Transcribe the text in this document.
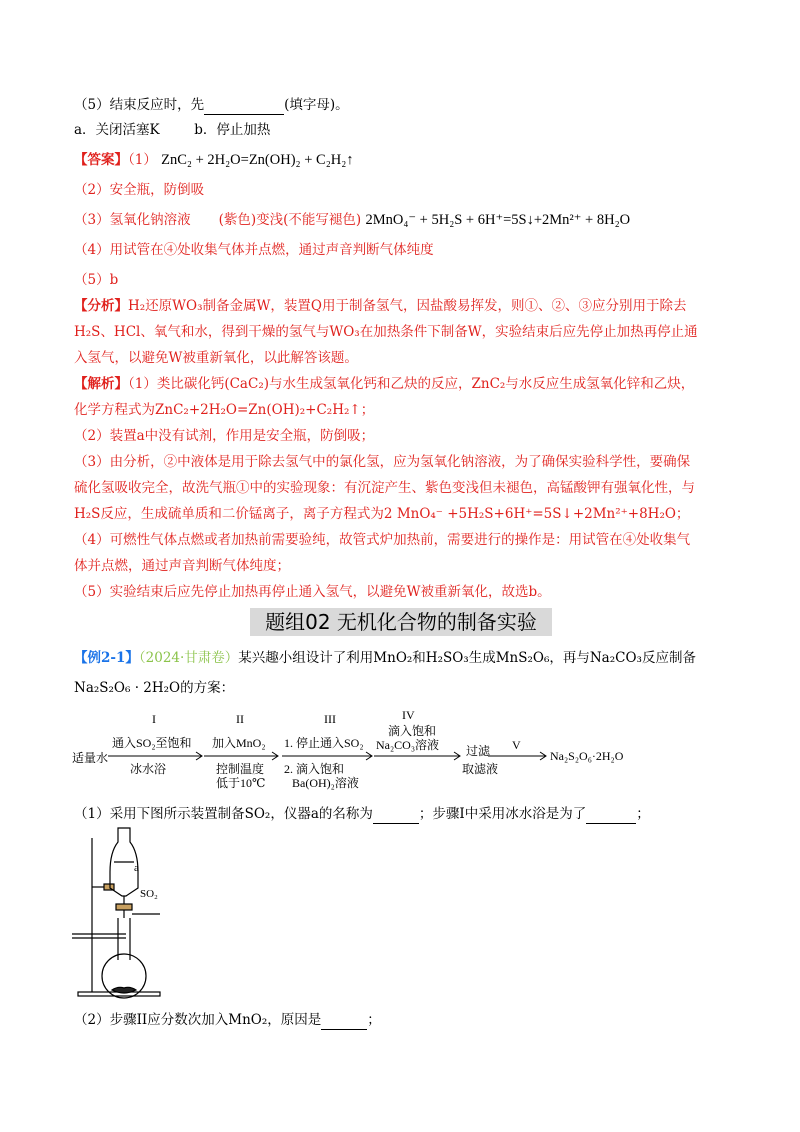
（5）结束反应时，先	(填字母)。
a．关闭活塞K	b．停止加热
【答案】（1） ZnC₂ + 2H₂O=Zn(OH)₂ + C₂H₂↑
（2）安全瓶，防倒吸
（3）氢氧化钠溶液 (紫色)变浅(不能写褪色) 2MnO₄⁻ + 5H₂S + 6H⁺=5S↓+2Mn²⁺ + 8H₂O
（4）用试管在④处收集气体并点燃，通过声音判断气体纯度
（5）b
【分析】H₂还原WO₃制备金属W，装置Q用于制备氢气，因盐酸易挥发，则①、②、③应分别用于除去
H₂S、HCl、氧气和水，得到干燥的氢气与WO₃在加热条件下制备W，实验结束后应先停止加热再停止通
入氢气，以避免W被重新氧化，以此解答该题。
【解析】（1）类比碳化钙(CaC₂)与水生成氢氧化钙和乙炔的反应，ZnC₂与水反应生成氢氧化锌和乙炔，
化学方程式为ZnC₂+2H₂O=Zn(OH)₂+C₂H₂↑；
（2）装置a中没有试剂，作用是安全瓶，防倒吸；
（3）由分析，②中液体是用于除去氢气中的氯化氢，应为氢氧化钠溶液，为了确保实验科学性，要确保
硫化氢吸收完全，故洗气瓶①中的实验现象：有沉淀产生、紫色变浅但未褪色，高锰酸钾有强氧化性，与
H₂S反应，生成硫单质和二价锰离子，离子方程式为2 MnO₄⁻ +5H₂S+6H⁺=5S↓+2Mn²⁺+8H₂O；
（4）可燃性气体点燃或者加热前需要验纯，故管式炉加热前，需要进行的操作是：用试管在④处收集气
体并点燃，通过声音判断气体纯度；
（5）实验结束后应先停止加热再停止通入氢气，以避免W被重新氧化，故选b。
题组02 无机化合物的制备实验
【例2-1】（2024·甘肃卷）某兴趣小组设计了利用MnO₂和H₂SO₃生成MnS₂O₆，再与Na₂CO₃反应制备
Na₂S₂O₆ · 2H₂O的方案：
适量水
I
通入SO₂至饱和
冰水浴
II
加入MnO₂
控制温度
低于10℃
III
1. 停止通入SO₂
2. 滴入饱和
Ba(OH)₂溶液
IV
滴入饱和
Na₂CO₃溶液 过滤
取滤液
V
Na₂S₂O₆·2H₂O
（1）采用下图所示装置制备SO₂，仪器a的名称为	；步骤I中采用冰水浴是为了	；
a
SO₂
（2）步骤II应分数次加入MnO₂，原因是	；
